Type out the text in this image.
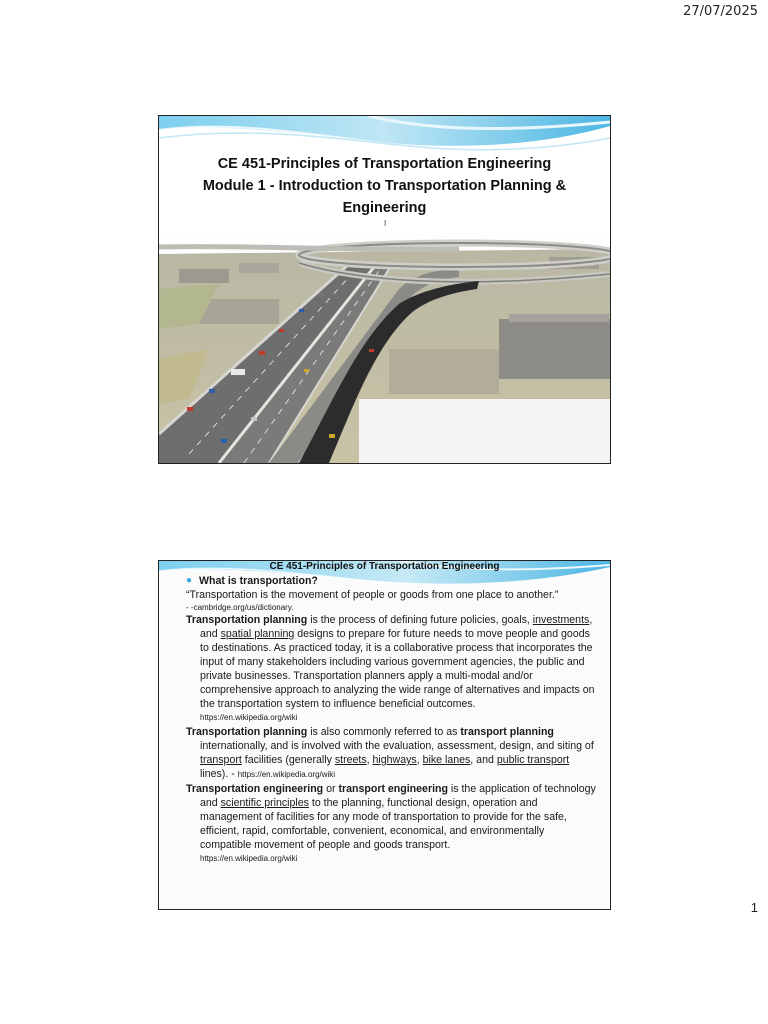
27/07/2025
CE 451-Principles of Transportation Engineering
Module 1 - Introduction to Transportation Planning &
Engineering
I
CE 451-Principles of Transportation Engineering
● What is transportation?
“Transportation is the movement of people or goods from one place to another.”
- -cambridge.org/us/dictionary.

Transportation planning is the process of defining future policies, goals, investments, and spatial planning designs to prepare for future needs to move people and goods to destinations. As practiced today, it is a collaborative process that incorporates the input of many stakeholders including various government agencies, the public and private businesses. Transportation planners apply a multi-modal and/or comprehensive approach to analyzing the wide range of alternatives and impacts on the transportation system to influence beneficial outcomes.

https://en.wikipedia.org/wiki

Transportation planning is also commonly referred to as transport planning internationally, and is involved with the evaluation, assessment, design, and siting of transport facilities (generally streets, highways, bike lanes, and public transport lines). - https://en.wikipedia.org/wiki

Transportation engineering or transport engineering is the application of technology and scientific principles to the planning, functional design, operation and management of facilities for any mode of transportation to provide for the safe, efficient, rapid, comfortable, convenient, economical, and environmentally compatible movement of people and goods transport.

https://en.wikipedia.org/wiki
1
